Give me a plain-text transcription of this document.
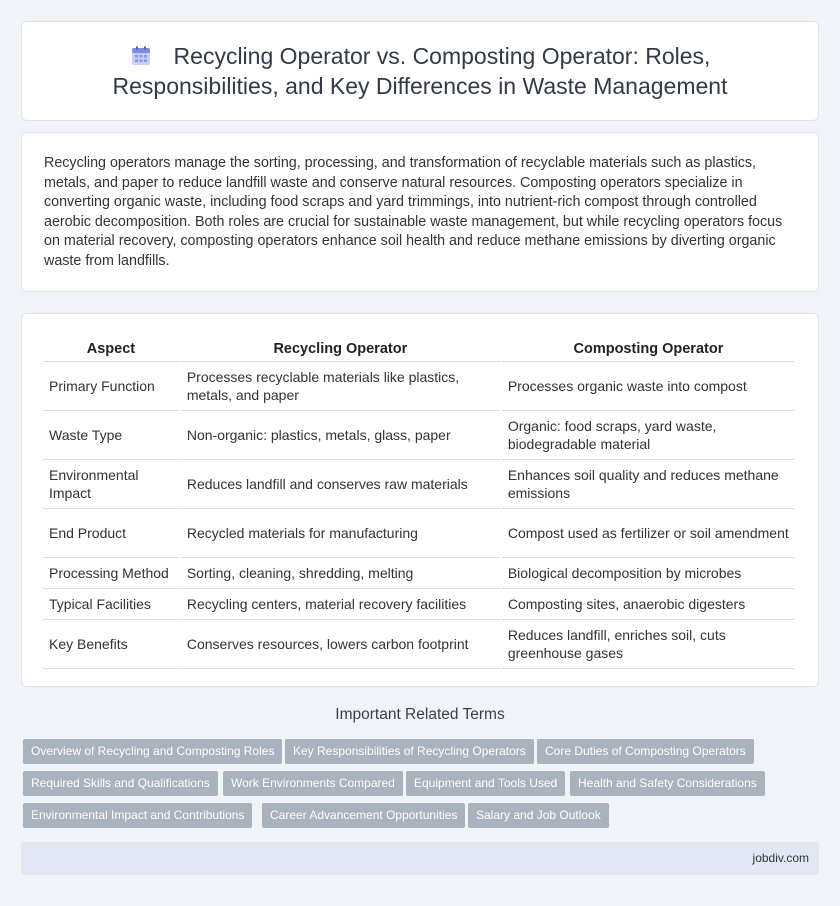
Recycling Operator vs. Composting Operator: Roles, Responsibilities, and Key Differences in Waste Management

Recycling operators manage the sorting, processing, and transformation of recyclable materials such as plastics, metals, and paper to reduce landfill waste and conserve natural resources. Composting operators specialize in converting organic waste, including food scraps and yard trimmings, into nutrient-rich compost through controlled aerobic decomposition. Both roles are crucial for sustainable waste management, but while recycling operators focus on material recovery, composting operators enhance soil health and reduce methane emissions by diverting organic waste from landfills.

Aspect	Recycling Operator	Composting Operator
Primary Function	Processes recyclable materials like plastics, metals, and paper	Processes organic waste into compost
Waste Type	Non-organic: plastics, metals, glass, paper	Organic: food scraps, yard waste, biodegradable material
Environmental Impact	Reduces landfill and conserves raw materials	Enhances soil quality and reduces methane emissions
End Product	Recycled materials for manufacturing	Compost used as fertilizer or soil amendment
Processing Method	Sorting, cleaning, shredding, melting	Biological decomposition by microbes
Typical Facilities	Recycling centers, material recovery facilities	Composting sites, anaerobic digesters
Key Benefits	Conserves resources, lowers carbon footprint	Reduces landfill, enriches soil, cuts greenhouse gases
Important Related Terms
Overview of Recycling and Composting Roles	Key Responsibilities of Recycling Operators	Core Duties of Composting Operators
Required Skills and Qualifications	Work Environments Compared	Equipment and Tools Used	Health and Safety Considerations
Environmental Impact and Contributions	Career Advancement Opportunities	Salary and Job Outlook
jobdiv.com
